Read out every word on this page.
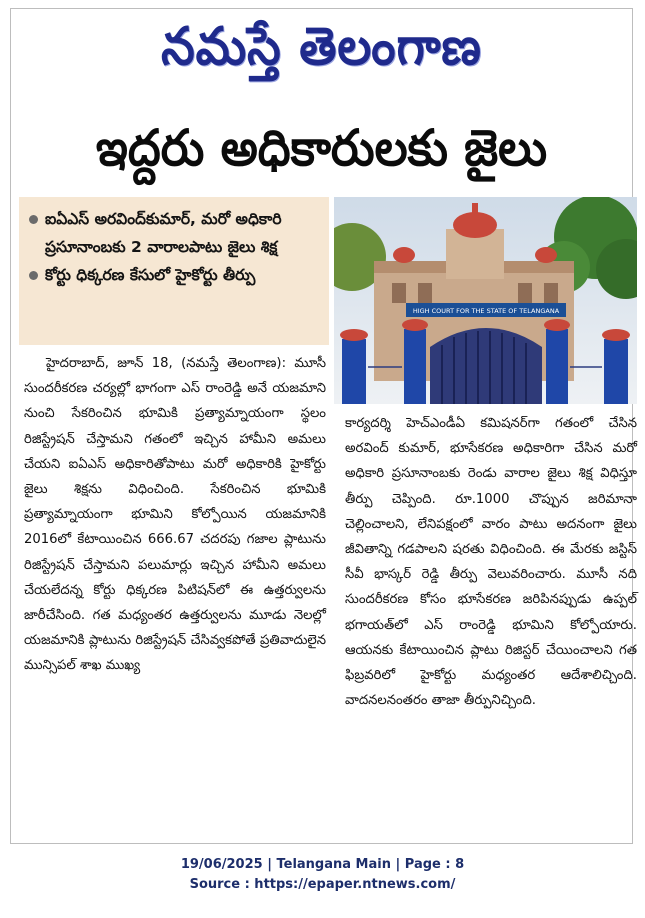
నమస్తే తెలంగాణ
ఇద్దరు అధికారులకు జైలు
ఐఏఎస్ అరవింద్‌కుమార్, మరో అధికారి ప్రసూనాంబకు 2 వారాలపాటు జైలు శిక్ష
కోర్టు ధిక్కరణ కేసులో హైకోర్టు తీర్పు
HIGH COURT FOR THE STATE OF TELANGANA

హైదరాబాద్, జూన్ 18, (నమస్తే తెలంగాణ): మూసీ సుందరీకరణ చర్యల్లో భాగంగా ఎస్ రాంరెడ్డి అనే యజమాని నుంచి సేకరించిన భూమికి ప్రత్యామ్నాయంగా స్థలం రిజిస్ట్రేషన్ చేస్తామని గతంలో ఇచ్చిన హామీని అమలు చేయని ఐఏఎస్ అధికారితోపాటు మరో అధికారికి హైకోర్టు జైలు శిక్షను విధించింది. సేకరించిన భూమికి ప్రత్యామ్నాయంగా భూమిని కోల్పోయిన యజమానికి 2016లో కేటాయించిన 666.67 చదరపు గజాల ప్లాటును రిజిస్ట్రేషన్ చేస్తామని పలుమార్లు ఇచ్చిన హామీని అమలు చేయలేదన్న కోర్టు ధిక్కరణ పిటిషన్‌లో ఈ ఉత్తర్వులను జారీచేసింది. గత మధ్యంతర ఉత్తర్వులను మూడు నెలల్లో యజమానికి ప్లాటును రిజిస్ట్రేషన్ చేసివ్వకపోతే ప్రతివాదులైన మున్సిపల్ శాఖ ముఖ్య

కార్యదర్శి హెచ్ఎండీఏ కమిషనర్‌గా గతంలో చేసిన అరవింద్ కుమార్, భూసేకరణ అధికారిగా చేసిన మరో అధికారి ప్రసూనాంబకు రెండు వారాల జైలు శిక్ష విధిస్తూ తీర్పు చెప్పింది. రూ.1000 చొప్పున జరిమానా చెల్లించాలని, లేనిపక్షంలో వారం పాటు అదనంగా జైలు జీవితాన్ని గడపాలని షరతు విధించింది. ఈ మేరకు జస్టిస్ సీవీ భాస్కర్ రెడ్డి తీర్పు వెలువరించారు. మూసీ నది సుందరీకరణ కోసం భూసేకరణ జరిపినప్పుడు ఉప్పల్ భగాయత్‌లో ఎస్ రాంరెడ్డి భూమిని కోల్పోయారు. ఆయనకు కేటాయించిన ప్లాటు రిజిస్టర్ చేయించాలని గత ఫిబ్రవరిలో హైకోర్టు మధ్యంతర ఆదేశాలిచ్చింది. వాదనలనంతరం తాజా తీర్పునిచ్చింది.

19/06/2025 | Telangana Main | Page : 8
Source : https://epaper.ntnews.com/
